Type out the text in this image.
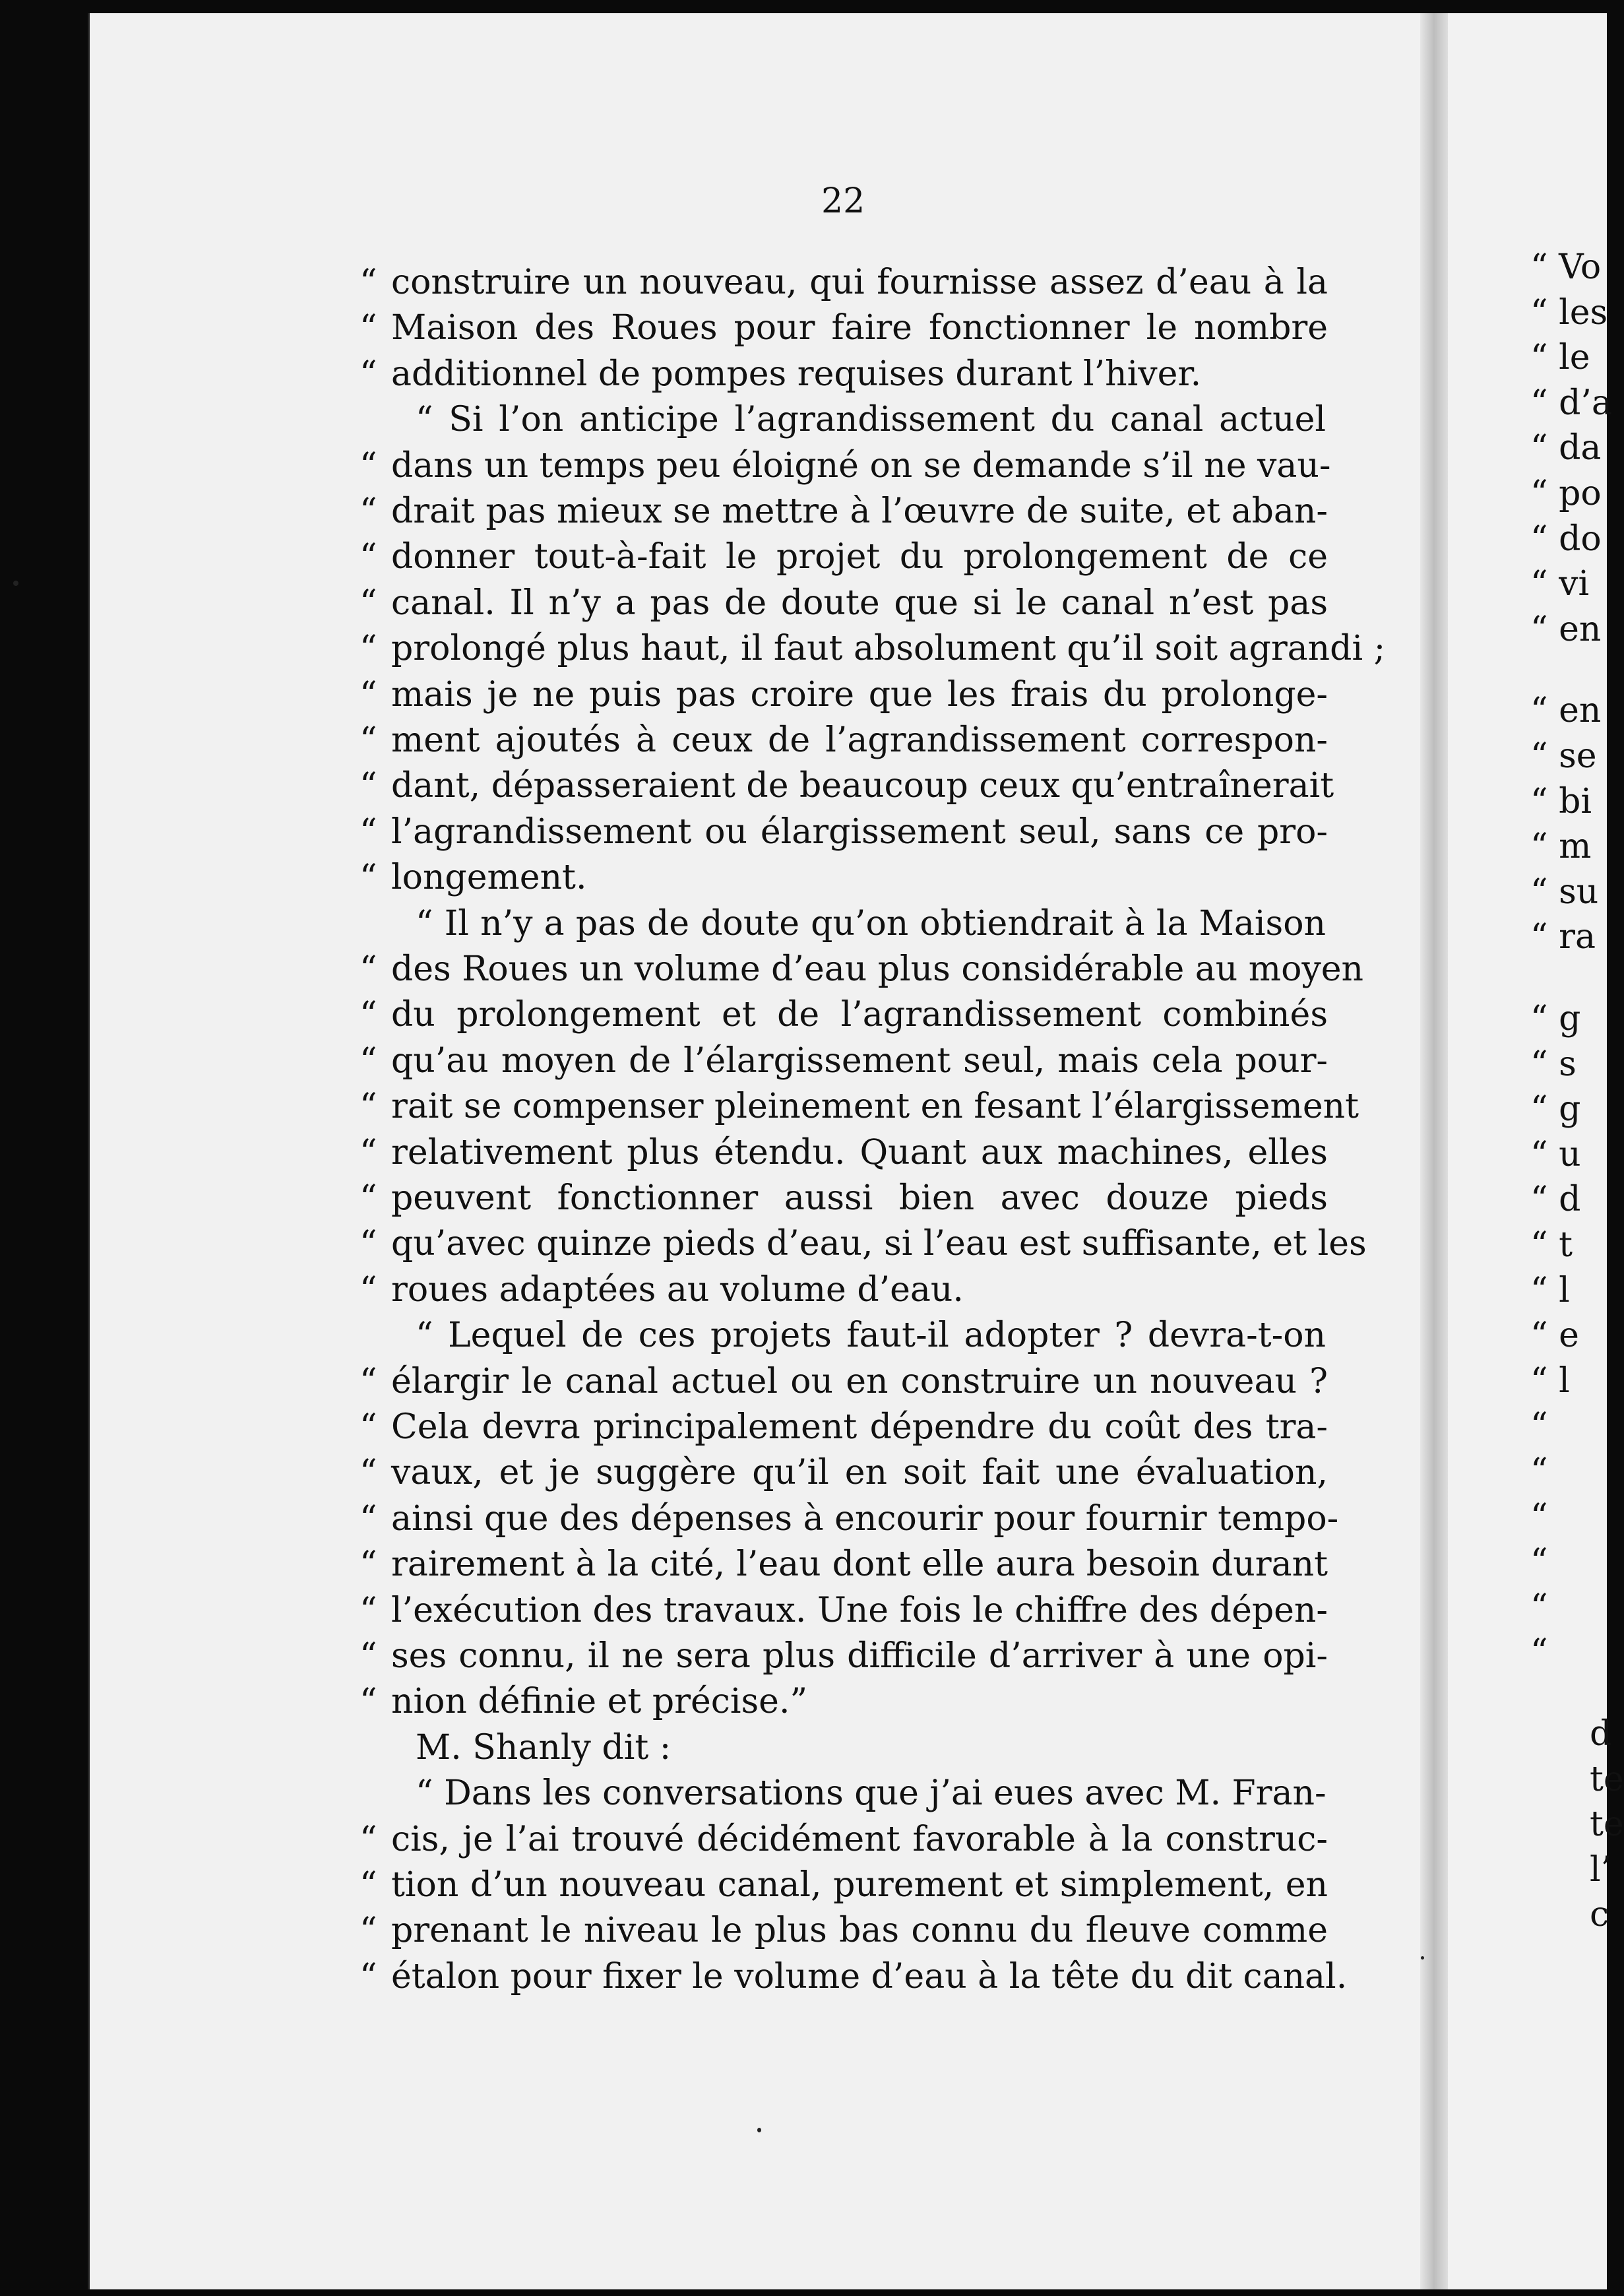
“ Vo
“ les
“ le
“ d’a
“ da
“ po
“ do
“ vi
“ en
“ en
“ se
“ bi
“ m
“ su
“ ra
“ g
“ s
“ g
“ u
“ d
“ t
“ l
“ e
“ l
“
“
“
“
“
“
d
te
te
l’
c
22
“ construire un nouveau, qui fournisse assez d’eau à la
“ Maison des Roues pour faire fonctionner le nombre
“ additionnel de pompes requises durant l’hiver.
“ Si l’on anticipe l’agrandissement du canal actuel
“ dans un temps peu éloigné on se demande s’il ne vau-
“ drait pas mieux se mettre à l’œuvre de suite, et aban-
“ donner tout-à-fait le projet du prolongement de ce
“ canal. Il n’y a pas de doute que si le canal n’est pas
“ prolongé plus haut, il faut absolument qu’il soit agrandi ;
“ mais je ne puis pas croire que les frais du prolonge-
“ ment ajoutés à ceux de l’agrandissement correspon-
“ dant, dépasseraient de beaucoup ceux qu’entraînerait
“ l’agrandissement ou élargissement seul, sans ce pro-
“ longement.
“ Il n’y a pas de doute qu’on obtiendrait à la Maison
“ des Roues un volume d’eau plus considérable au moyen
“ du prolongement et de l’agrandissement combinés
“ qu’au moyen de l’élargissement seul, mais cela pour-
“ rait se compenser pleinement en fesant l’élargissement
“ relativement plus étendu. Quant aux machines, elles
“ peuvent fonctionner aussi bien avec douze pieds
“ qu’avec quinze pieds d’eau, si l’eau est suffisante, et les
“ roues adaptées au volume d’eau.
“ Lequel de ces projets faut-il adopter ? devra-t-on
“ élargir le canal actuel ou en construire un nouveau ?
“ Cela devra principalement dépendre du coût des tra-
“ vaux, et je suggère qu’il en soit fait une évaluation,
“ ainsi que des dépenses à encourir pour fournir tempo-
“ rairement à la cité, l’eau dont elle aura besoin durant
“ l’exécution des travaux. Une fois le chiffre des dépen-
“ ses connu, il ne sera plus difficile d’arriver à une opi-
“ nion définie et précise.”
M. Shanly dit :
“ Dans les conversations que j’ai eues avec M. Fran-
“ cis, je l’ai trouvé décidément favorable à la construc-
“ tion d’un nouveau canal, purement et simplement, en
“ prenant le niveau le plus bas connu du fleuve comme
“ étalon pour fixer le volume d’eau à la tête du dit canal.
